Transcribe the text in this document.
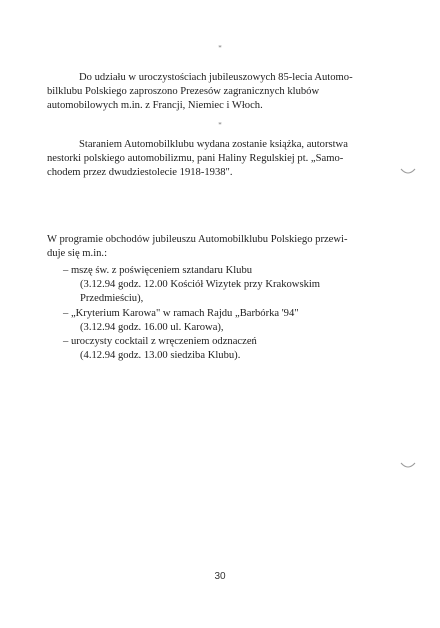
*
Do udziału w uroczystościach jubileuszowych 85-lecia Automo-
bilklubu Polskiego zaproszono Prezesów zagranicznych klubów
automobilowych m.in. z Francji, Niemiec i Włoch.
*
Staraniem Automobilklubu wydana zostanie książka, autorstwa
nestorki polskiego automobilizmu, pani Haliny Regulskiej pt. „Samo-
chodem przez dwudziestolecie 1918-1938".
W programie obchodów jubileuszu Automobilklubu Polskiego przewi-
duje się m.in.:
– mszę św. z poświęceniem sztandaru Klubu
(3.12.94 godz. 12.00 Kościół Wizytek przy Krakowskim
Przedmieściu),
– „Kryterium Karowa" w ramach Rajdu „Barbórka '94"
(3.12.94 godz. 16.00 ul. Karowa),
– uroczysty cocktail z wręczeniem odznaczeń
(4.12.94 godz. 13.00 siedziba Klubu).
30
